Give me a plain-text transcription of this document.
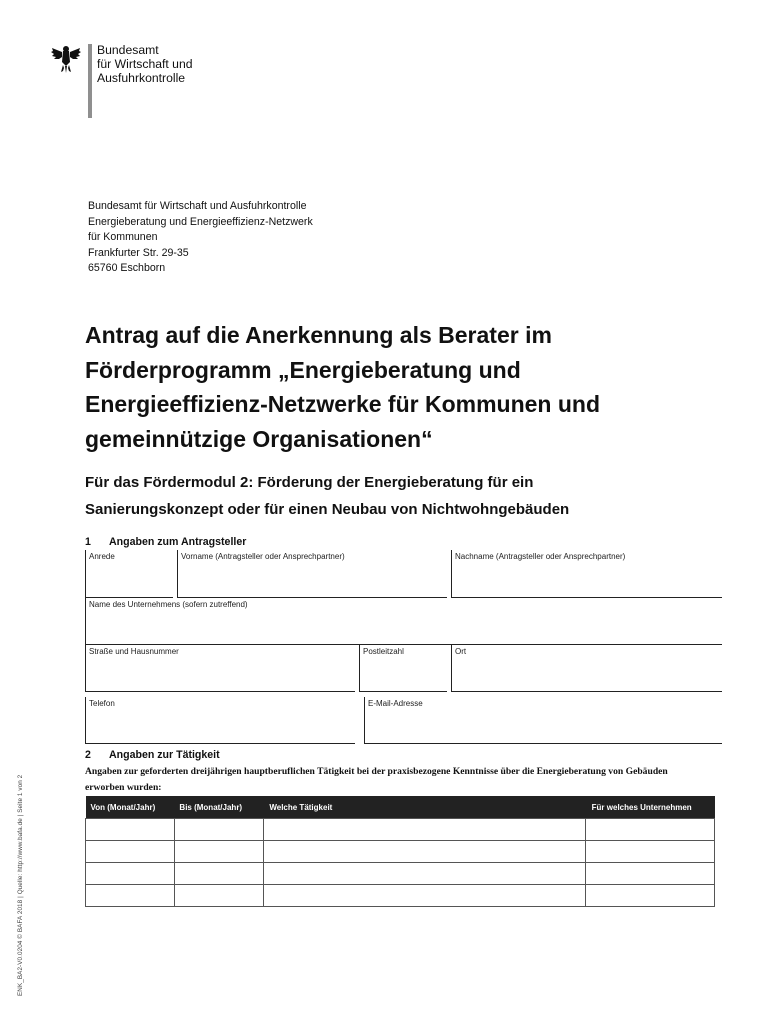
Bundesamt
für Wirtschaft und
Ausfuhrkontrolle
Bundesamt für Wirtschaft und Ausfuhrkontrolle
Energieberatung und Energieeffizienz-Netzwerk
für Kommunen
Frankfurter Str. 29-35
65760 Eschborn
Antrag auf die Anerkennung als Berater im
Förderprogramm „Energieberatung und
Energieeffizienz-Netzwerke für Kommunen und
gemeinnützige Organisationen“
Für das Fördermodul 2: Förderung der Energieberatung für ein
Sanierungskonzept oder für einen Neubau von Nichtwohngebäuden
1 Angaben zum Antragsteller
Anrede	Vorname (Antragsteller oder Ansprechpartner)	Nachname (Antragsteller oder Ansprechpartner)
Name des Unternehmens (sofern zutreffend)
Straße und Hausnummer	Postleitzahl	Ort
Telefon	E-Mail-Adresse
2 Angaben zur Tätigkeit
Angaben zur geforderten dreijährigen hauptberuflichen Tätigkeit bei der praxisbezogene Kenntnisse über die Energieberatung von Gebäuden
erworben wurden:
Von (Monat/Jahr)	Bis (Monat/Jahr)	Welche Tätigkeit	Für welches Unternehmen

ENK_BA2-V0.0204 © BAFA 2018 | Quelle: http://www.bafa.de | Seite 1 von 2
